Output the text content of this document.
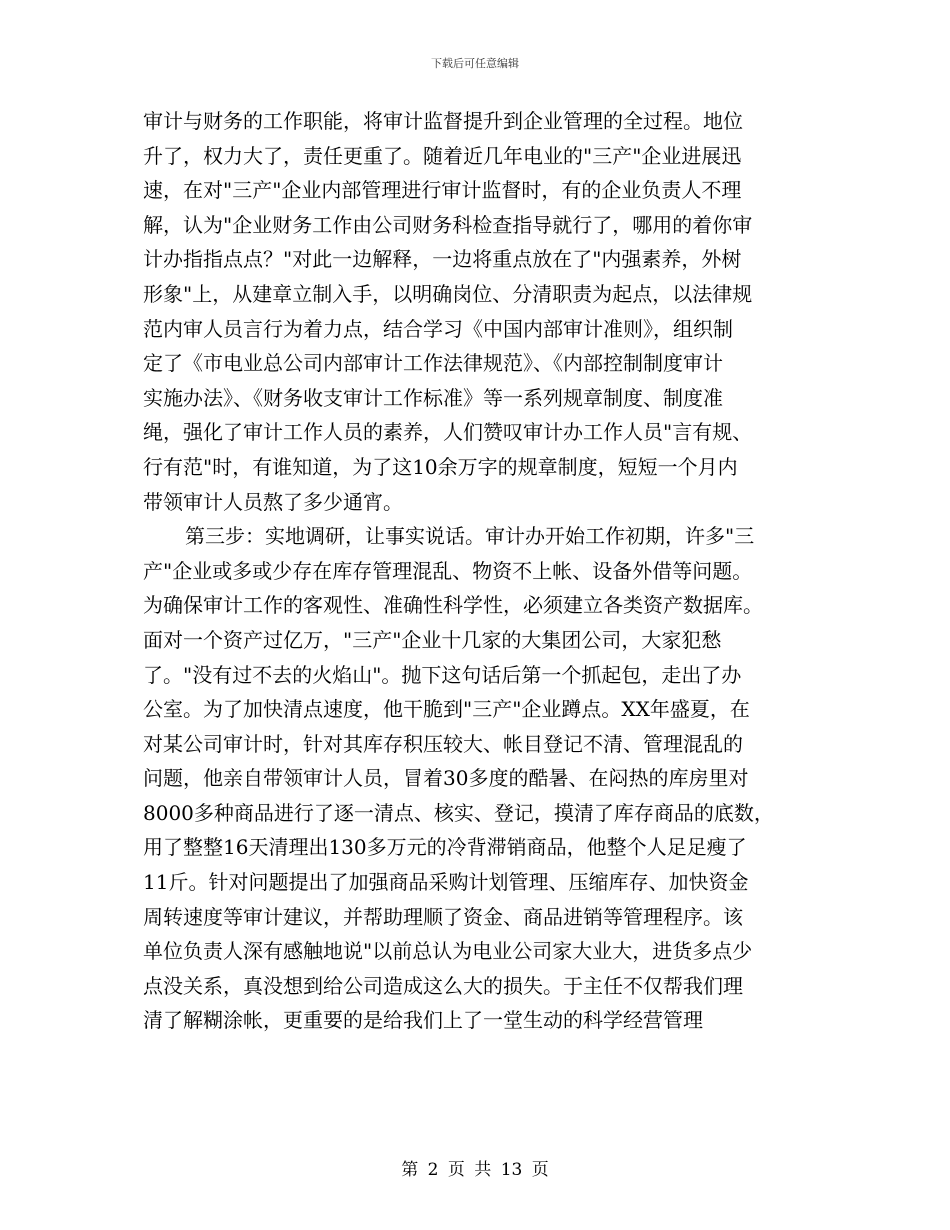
下载后可任意编辑
审计与财务的工作职能，将审计监督提升到企业管理的全过程。地位
升了，权力大了，责任更重了。随着近几年电业的"三产"企业进展迅
速，在对"三产"企业内部管理进行审计监督时，有的企业负责人不理
解，认为"企业财务工作由公司财务科检查指导就行了，哪用的着你审
计办指指点点？"对此一边解释，一边将重点放在了"内强素养，外树
形象"上，从建章立制入手，以明确岗位、分清职责为起点，以法律规
范内审人员言行为着力点，结合学习《中国内部审计准则》，组织制
定了《市电业总公司内部审计工作法律规范》、《内部控制制度审计
实施办法》、《财务收支审计工作标准》等一系列规章制度、制度准
绳，强化了审计工作人员的素养，人们赞叹审计办工作人员"言有规、
行有范"时，有谁知道，为了这10余万字的规章制度，短短一个月内
带领审计人员熬了多少通宵。
第三步：实地调研，让事实说话。审计办开始工作初期，许多"三
产"企业或多或少存在库存管理混乱、物资不上帐、设备外借等问题。
为确保审计工作的客观性、准确性科学性，必须建立各类资产数据库。
面对一个资产过亿万，"三产"企业十几家的大集团公司，大家犯愁
了。"没有过不去的火焰山"。抛下这句话后第一个抓起包，走出了办
公室。为了加快清点速度，他干脆到"三产"企业蹲点。XX年盛夏，在
对某公司审计时，针对其库存积压较大、帐目登记不清、管理混乱的
问题，他亲自带领审计人员，冒着30多度的酷暑、在闷热的库房里对
8000多种商品进行了逐一清点、核实、登记，摸清了库存商品的底数，
用了整整16天清理出130多万元的冷背滞销商品，他整个人足足瘦了
11斤。针对问题提出了加强商品采购计划管理、压缩库存、加快资金
周转速度等审计建议，并帮助理顺了资金、商品进销等管理程序。该
单位负责人深有感触地说"以前总认为电业公司家大业大，进货多点少
点没关系，真没想到给公司造成这么大的损失。于主任不仅帮我们理
清了解糊涂帐，更重要的是给我们上了一堂生动的科学经营管理
第 2 页 共 13 页
